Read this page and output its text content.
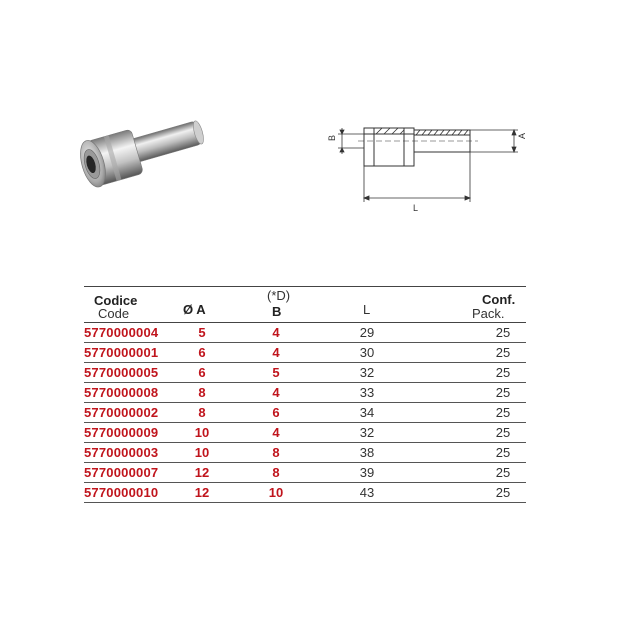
B	A
L
Codice
Code	Ø A
(*D)
B	L
Conf.
Pack.
5770000004	5	4	29	25
5770000001	6	4	30	25
5770000005	6	5	32	25
5770000008	8	4	33	25
5770000002	8	6	34	25
5770000009	10	4	32	25
5770000003	10	8	38	25
5770000007	12	8	39	25
5770000010	12	10	43	25
